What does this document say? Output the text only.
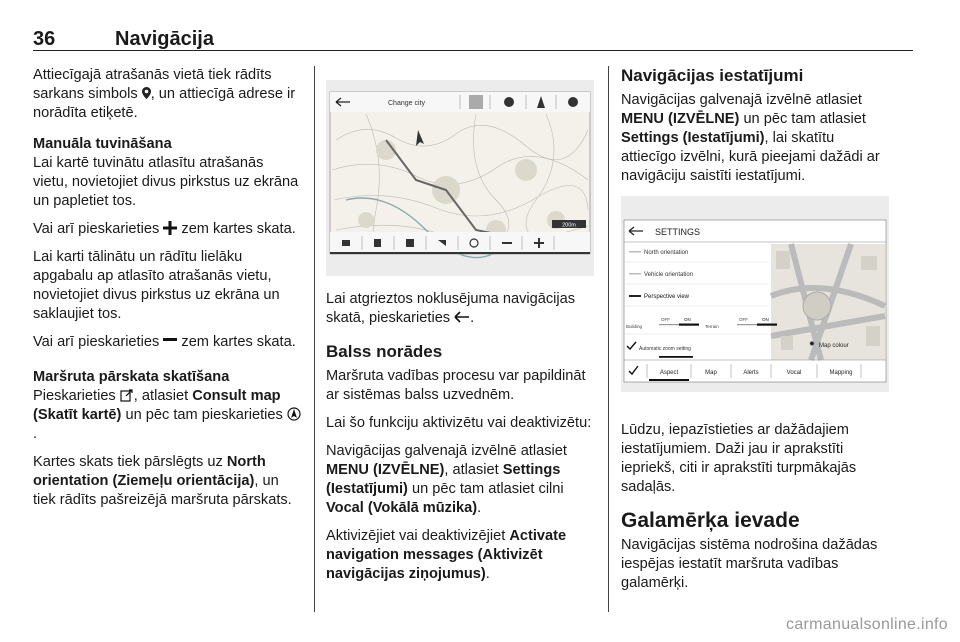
36	Navigācija

Attiecīgajā atrašanās vietā tiek rādīts sarkans simbols , un attiecīgā adrese ir norādīta etiķetē.

Manuāla tuvināšana

Lai kartē tuvinātu atlasītu atrašanās vietu, novietojiet divus pirkstus uz ekrāna un papletiet tos.

Vai arī pieskarieties zem kartes skata.

Lai karti tālinātu un rādītu lielāku apgabalu ap atlasīto atrašanās vietu, novietojiet divus pirkstus uz ekrāna un saklaujiet tos.

Vai arī pieskarieties zem kartes skata.

Maršruta pārskata skatīšana

Pieskarieties , atlasiet Consult map (Skatīt kartē) un pēc tam pieskarieties .

Kartes skats tiek pārslēgts uz North orientation (Ziemeļu orientācija), un tiek rādīts pašreizējā maršruta pārskats.

Change city
200m

Lai atgrieztos noklusējuma navigācijas skatā, pieskarieties .

Balss norādes

Maršruta vadības procesu var papildināt ar sistēmas balss uzvednēm.

Lai šo funkciju aktivizētu vai deaktivizētu:

Navigācijas galvenajā izvēlnē atlasiet MENU (IZVĒLNE), atlasiet Settings (Iestatījumi) un pēc tam atlasiet cilni Vocal (Vokālā mūzika).

Aktivizējiet vai deaktivizējiet Activate navigation messages (Aktivizēt navigācijas ziņojumus).

Navigācijas iestatījumi

Navigācijas galvenajā izvēlnē atlasiet MENU (IZVĒLNE) un pēc tam atlasiet Settings (Iestatījumi), lai skatītu attiecīgo izvēlni, kurā pieejami dažādi ar navigāciju saistīti iestatījumi.

SETTINGS
North orientation
Vehicle orientation
Perspective view
Building
OFF	ON
Terrain
OFF	ON
Automatic zoom setting
✹ Map colour
Aspect	Map	Alerts	Vocal	Mapping

Lūdzu, iepazīstieties ar dažādajiem iestatījumiem. Daži jau ir aprakstīti iepriekš, citi ir aprakstīti turpmākajās sadaļās.

Galamērķa ievade

Navigācijas sistēma nodrošina dažādas iespējas iestatīt maršruta vadības galamērķi.

carmanualsonline.info
